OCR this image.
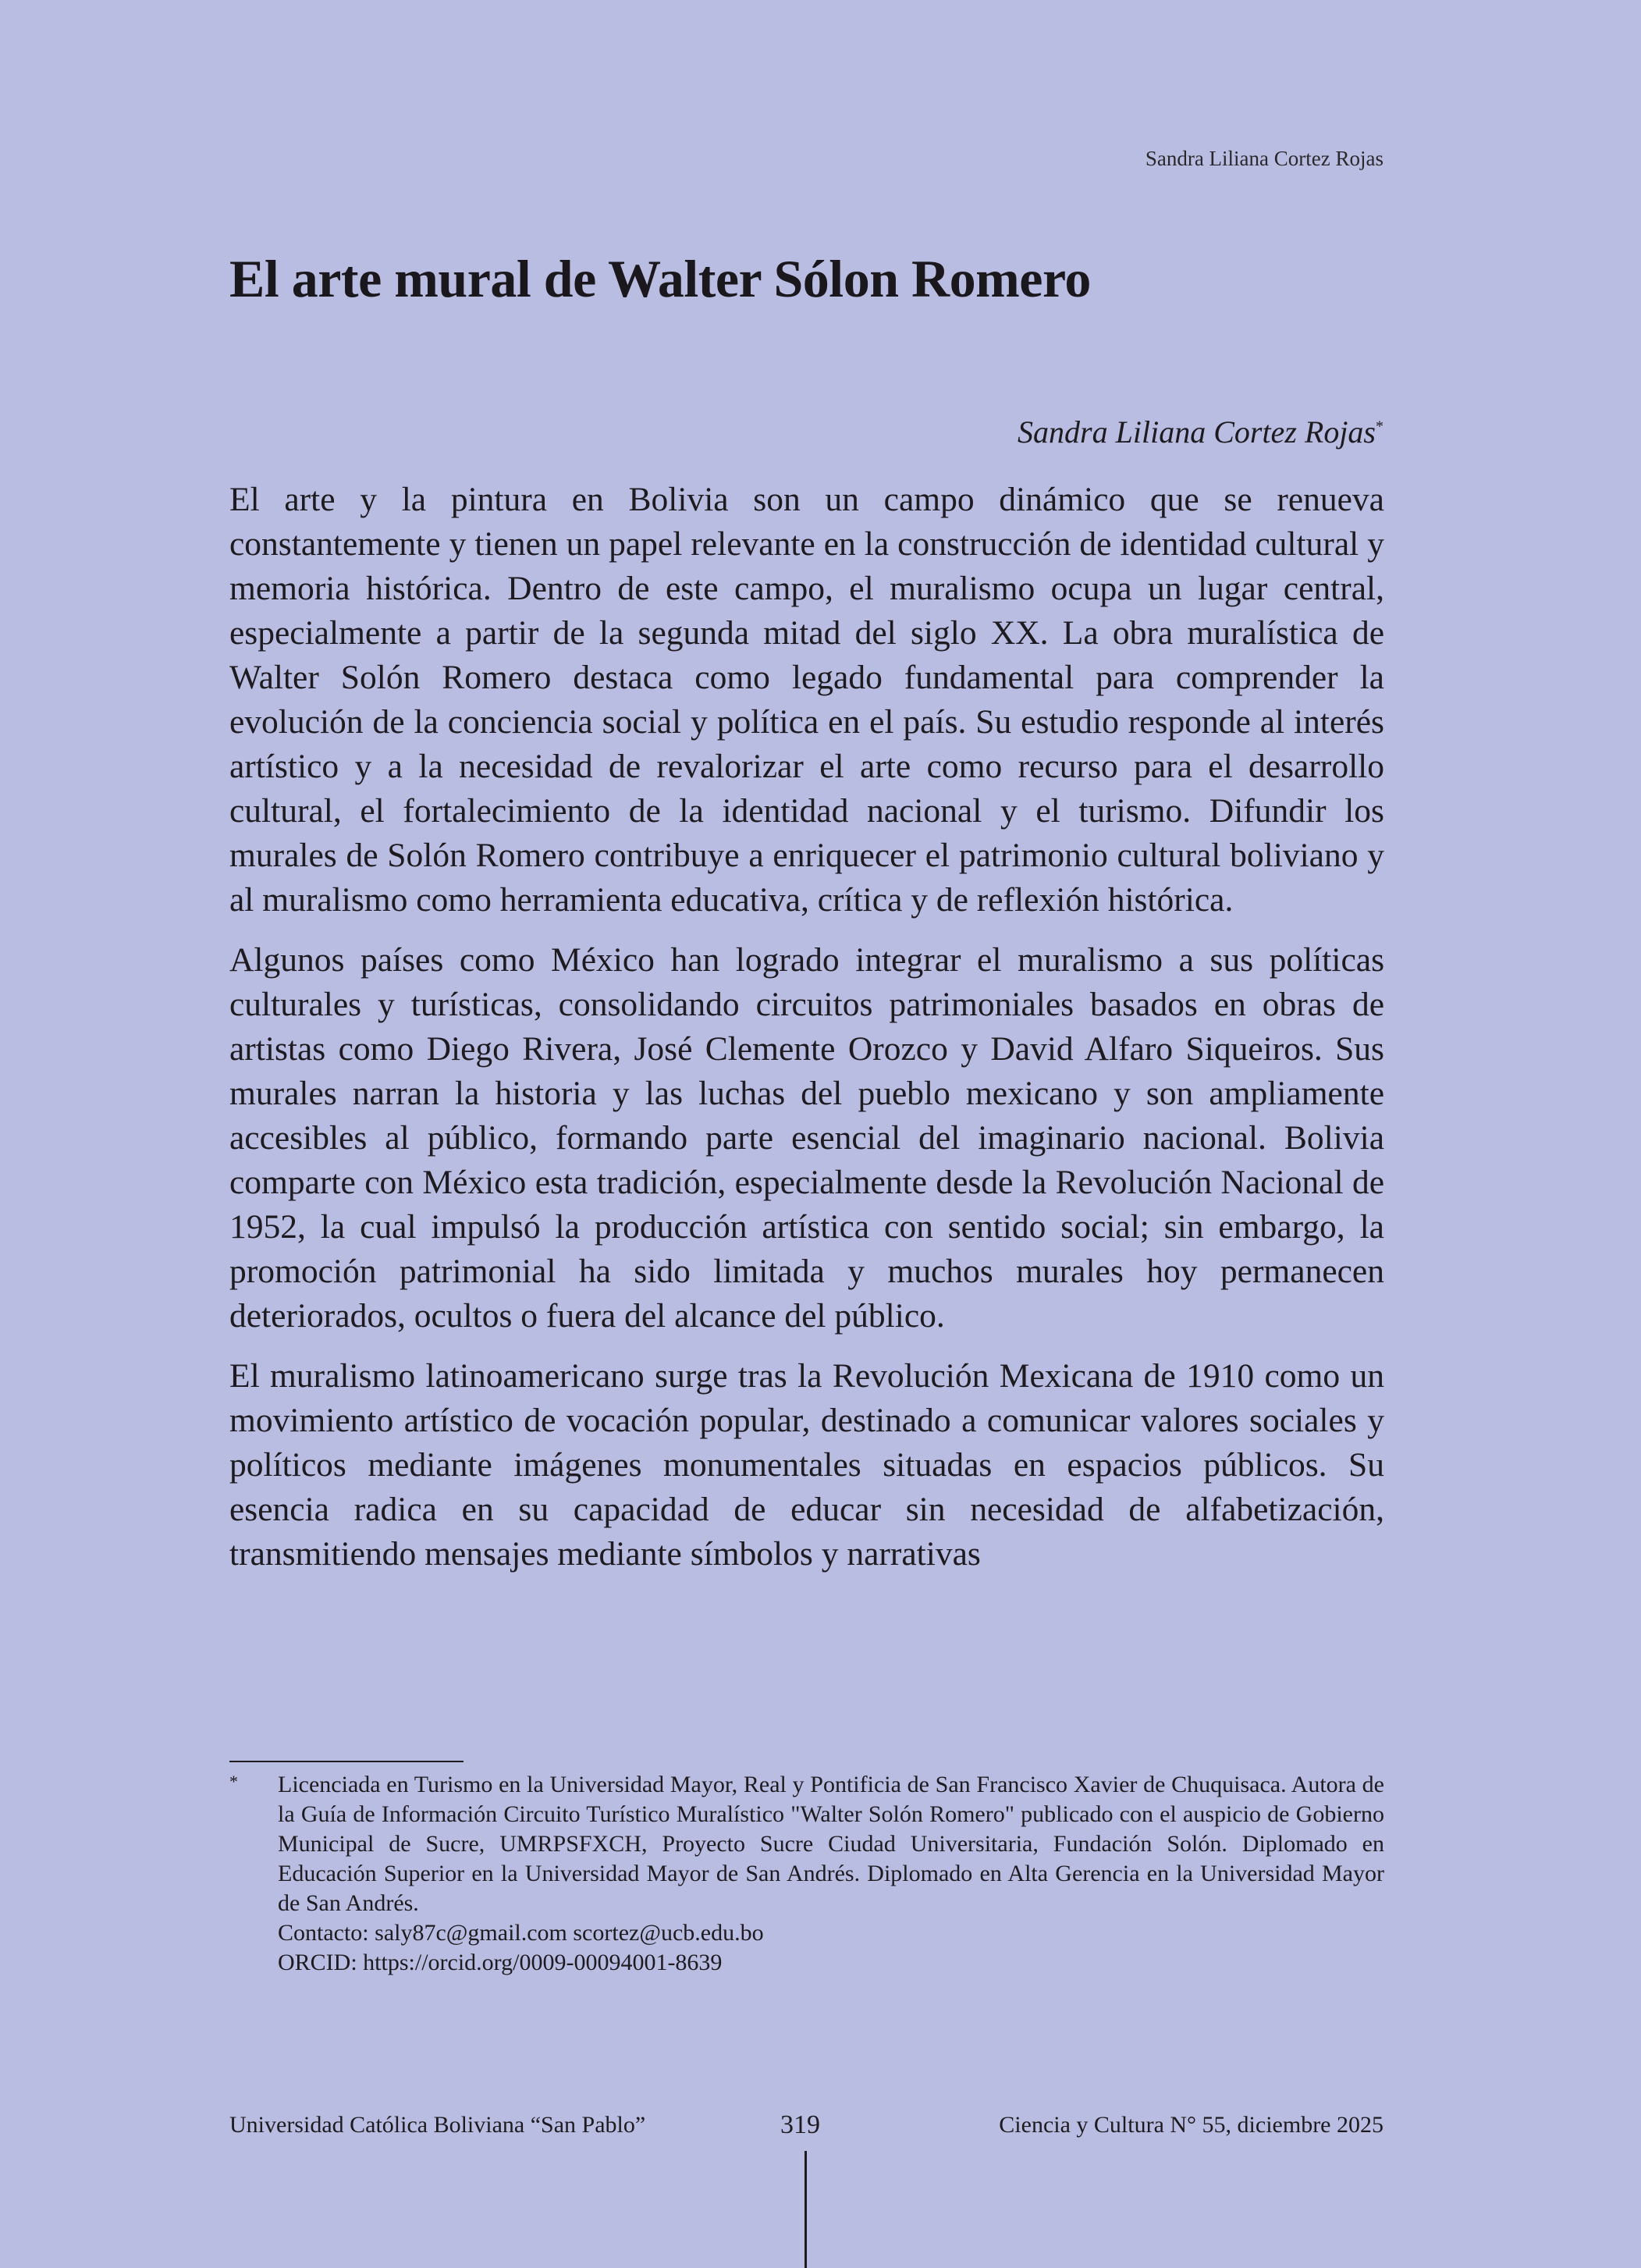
Sandra Liliana Cortez Rojas
El arte mural de Walter Sólon Romero
Sandra Liliana Cortez Rojas*

El arte y la pintura en Bolivia son un campo dinámico que se renueva constantemente y tienen un papel relevante en la construcción de identidad cultural y memoria histórica. Dentro de este campo, el muralismo ocupa un lugar central, especialmente a partir de la segunda mitad del siglo XX. La obra muralística de Walter Solón Romero destaca como legado fundamental para comprender la evolución de la conciencia social y política en el país. Su estudio responde al interés artístico y a la necesidad de revalorizar el arte como recurso para el desarrollo cultural, el fortalecimiento de la identidad nacional y el turismo. Difundir los murales de Solón Romero contribuye a enriquecer el patrimonio cultural boliviano y al muralismo como herramienta educativa, crítica y de reflexión histórica.

Algunos países como México han logrado integrar el muralismo a sus políticas culturales y turísticas, consolidando circuitos patrimoniales basados en obras de artistas como Diego Rivera, José Clemente Orozco y David Alfaro Siqueiros. Sus murales narran la historia y las luchas del pueblo mexicano y son ampliamente accesibles al público, formando parte esencial del imaginario nacional. Bolivia comparte con México esta tradición, especialmente desde la Revolución Nacional de 1952, la cual impulsó la producción artística con sentido social; sin embargo, la promoción patrimonial ha sido limitada y muchos murales hoy permanecen deteriorados, ocultos o fuera del alcance del público.

El muralismo latinoamericano surge tras la Revolución Mexicana de 1910 como un movimiento artístico de vocación popular, destinado a comunicar valores sociales y políticos mediante imágenes monumentales situadas en espacios públicos. Su esencia radica en su capacidad de educar sin necesidad de alfabetización, transmitiendo mensajes mediante símbolos y narrativas

* Licenciada en Turismo en la Universidad Mayor, Real y Pontificia de San Francisco Xavier de Chuquisaca. Autora de la Guía de Información Circuito Turístico Muralístico "Walter Solón Romero" publicado con el auspicio de Gobierno Municipal de Sucre, UMRPSFXCH, Proyecto Sucre Ciudad Universitaria, Fundación Solón. Diplomado en Educación Superior en la Universidad Mayor de San Andrés. Diplomado en Alta Gerencia en la Universidad Mayor de San Andrés.
Contacto: saly87c@gmail.com scortez@ucb.edu.bo
ORCID: https://orcid.org/0009-00094001-8639
Universidad Católica Boliviana “San Pablo”	319	Ciencia y Cultura N° 55, diciembre 2025
